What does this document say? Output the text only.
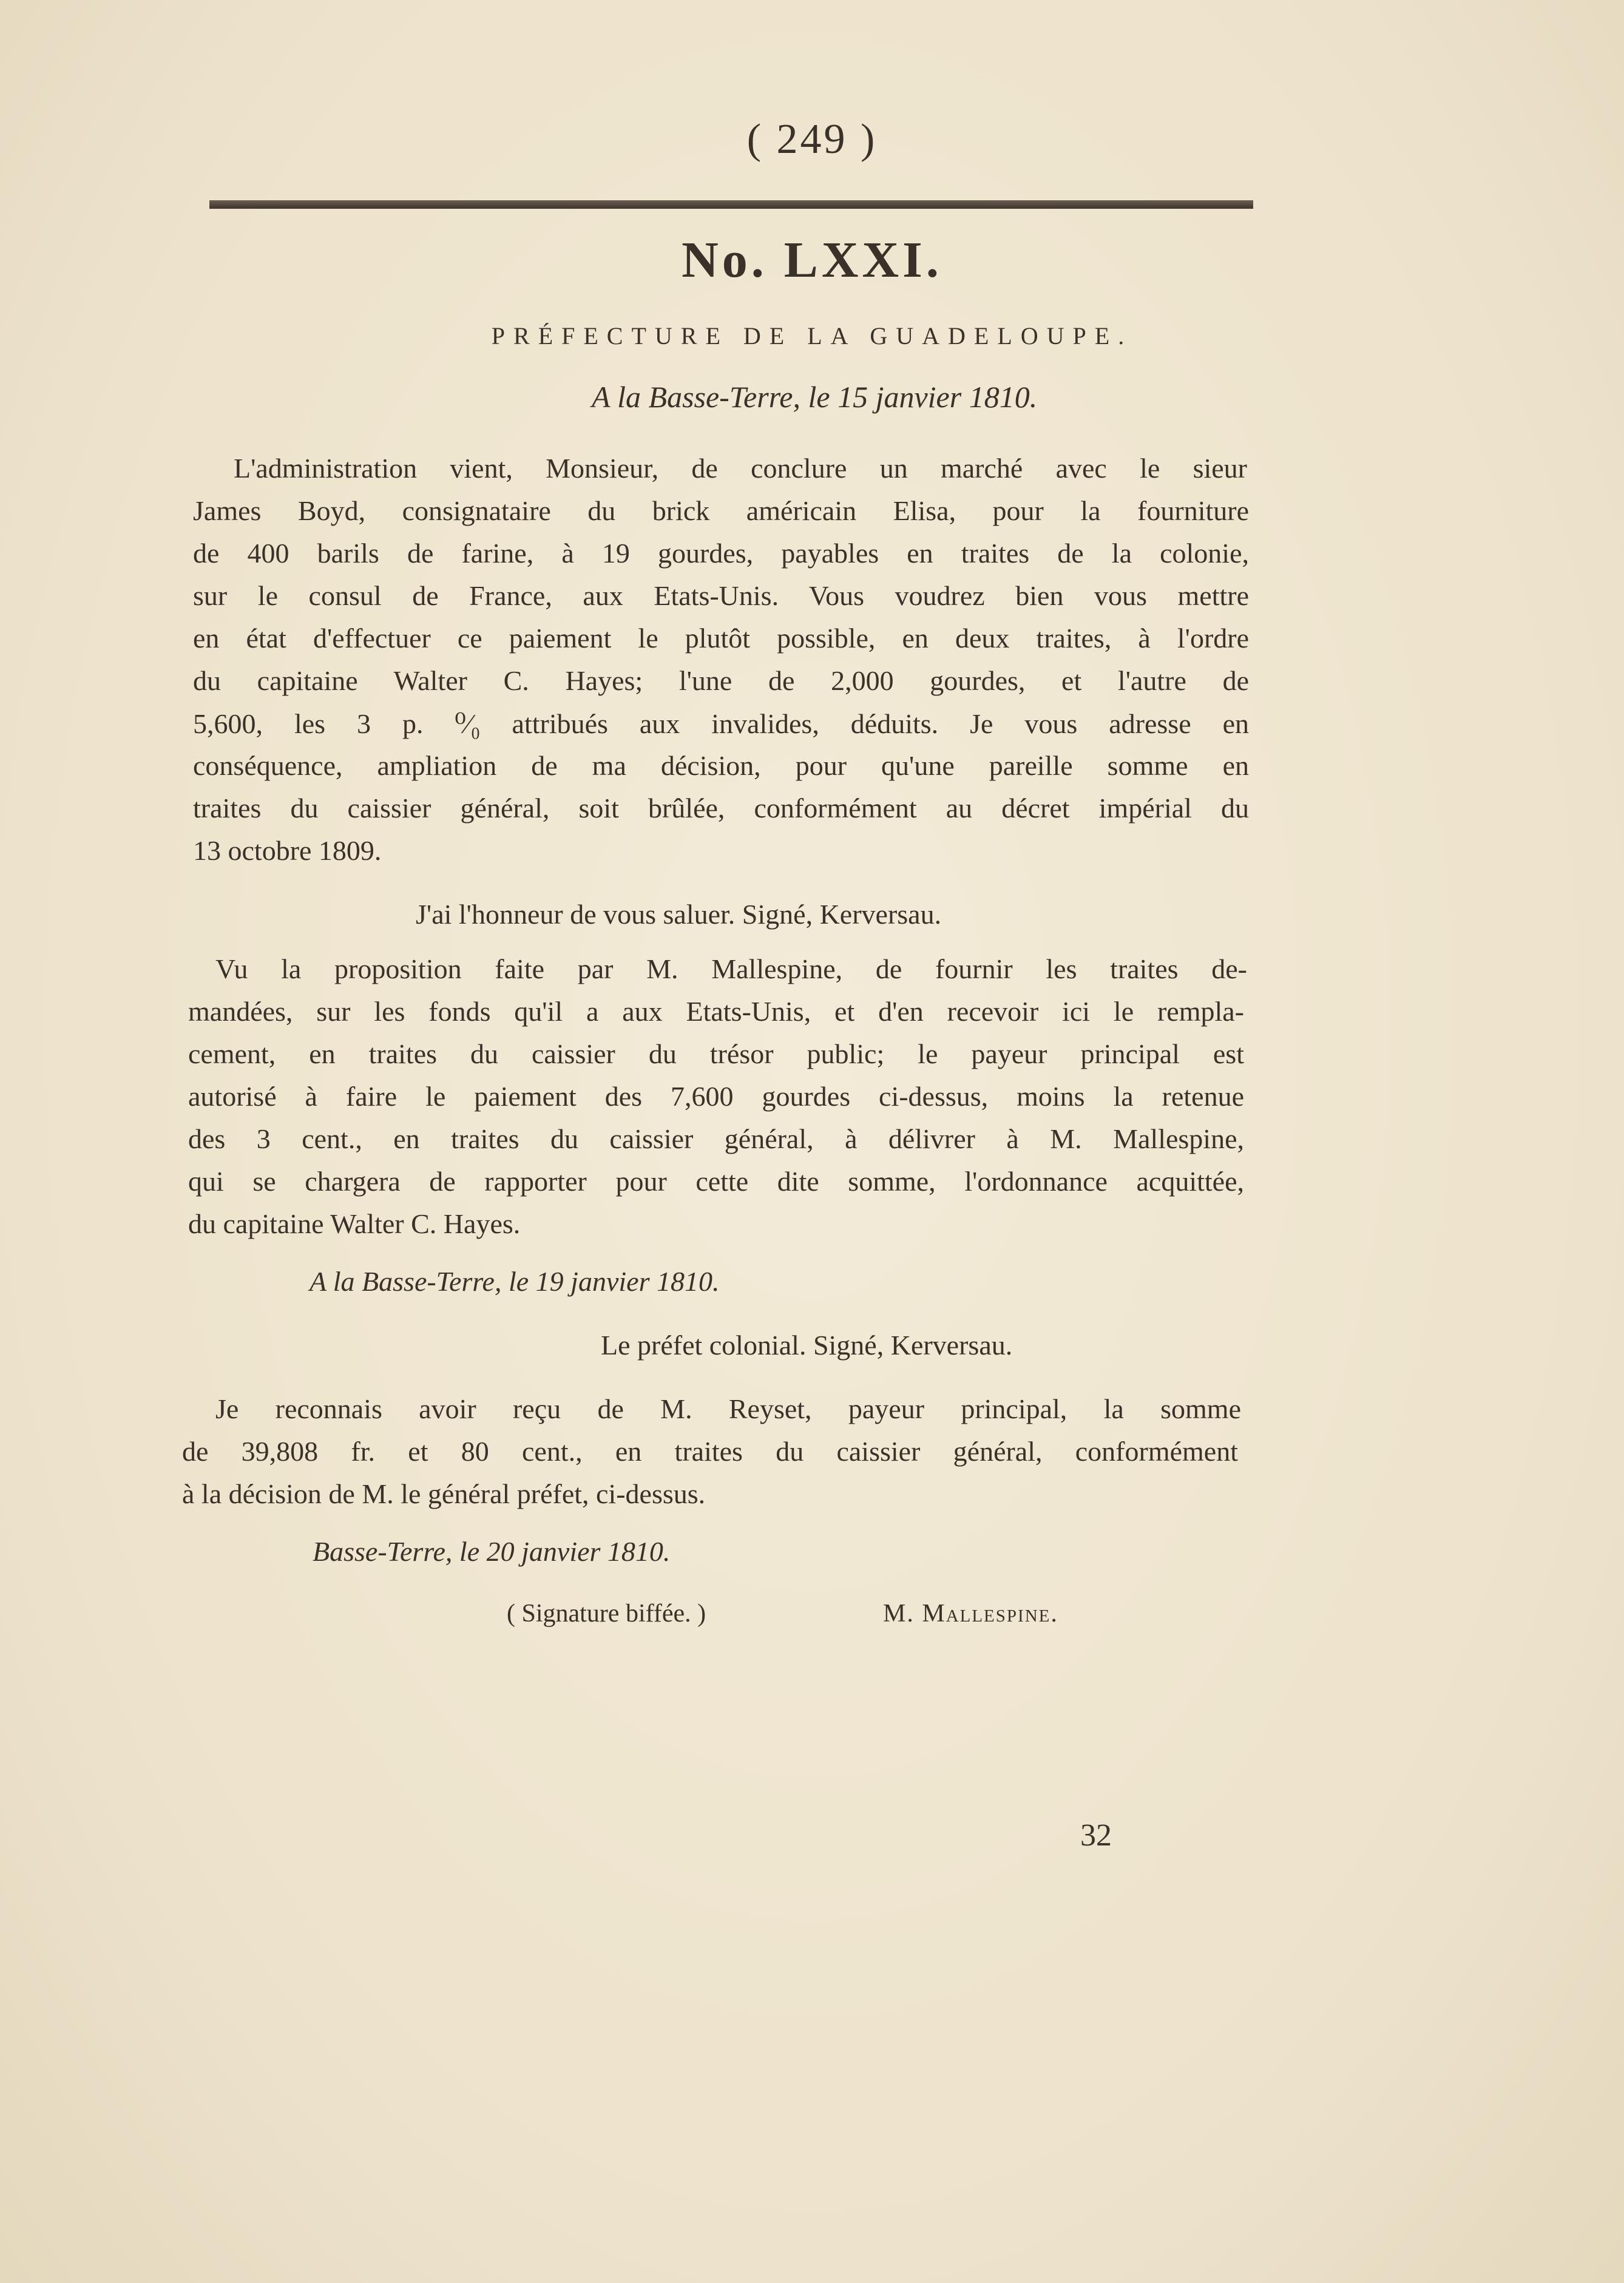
( 249 )
No. LXXI.
PRÉFECTURE DE LA GUADELOUPE.
A la Basse-Terre, le 15 janvier 1810.
L'administration vient, Monsieur, de conclure un marché avec le sieur
James Boyd, consignataire du brick américain Elisa, pour la fourniture
de 400 barils de farine, à 19 gourdes, payables en traites de la colonie,
sur le consul de France, aux Etats-Unis. Vous voudrez bien vous mettre
en état d'effectuer ce paiement le plutôt possible, en deux traites, à l'ordre
du capitaine Walter C. Hayes; l'une de 2,000 gourdes, et l'autre de
5,600, les 3 p. ⁰⁄₀ attribués aux invalides, déduits. Je vous adresse en
conséquence, ampliation de ma décision, pour qu'une pareille somme en
traites du caissier général, soit brûlée, conformément au décret impérial du
13 octobre 1809.
J'ai l'honneur de vous saluer. Signé, Kerversau.
Vu la proposition faite par M. Mallespine, de fournir les traites de-
mandées, sur les fonds qu'il a aux Etats-Unis, et d'en recevoir ici le rempla-
cement, en traites du caissier du trésor public; le payeur principal est
autorisé à faire le paiement des 7,600 gourdes ci-dessus, moins la retenue
des 3 cent., en traites du caissier général, à délivrer à M. Mallespine,
qui se chargera de rapporter pour cette dite somme, l'ordonnance acquittée,
du capitaine Walter C. Hayes.
A la Basse-Terre, le 19 janvier 1810.
Le préfet colonial. Signé, Kerversau.
Je reconnais avoir reçu de M. Reyset, payeur principal, la somme
de 39,808 fr. et 80 cent., en traites du caissier général, conformément
à la décision de M. le général préfet, ci-dessus.
Basse-Terre, le 20 janvier 1810.
( Signature biffée. )	M. Mallespine.
32
